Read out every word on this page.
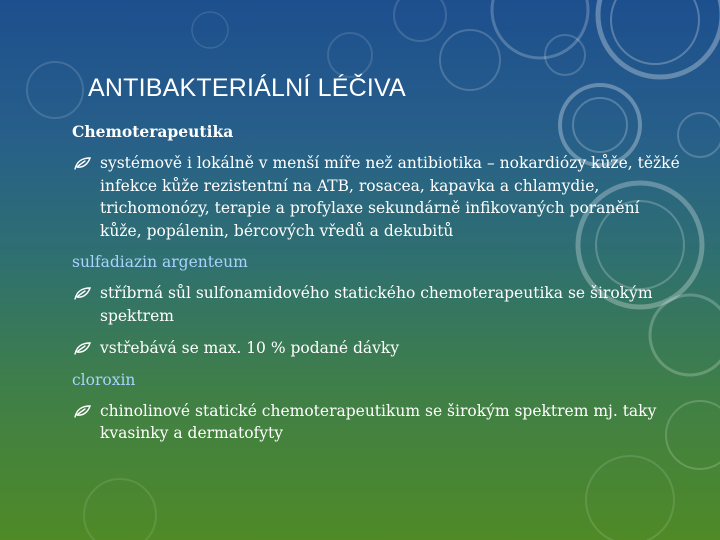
ANTIBAKTERIÁLNÍ LÉČIVA
Chemoterapeutika
systémově i lokálně v menší míře než antibiotika – nokardiózy kůže, těžké infekce kůže rezistentní na ATB, rosacea, kapavka a chlamydie, trichomonózy, terapie a profylaxe sekundárně infikovaných poranění kůže, popálenin, bércových vředů a dekubitů
sulfadiazin argenteum
stříbrná sůl sulfonamidového statického chemoterapeutika se širokým spektrem
vstřebává se max. 10 % podané dávky
cloroxin
chinolinové statické chemoterapeutikum se širokým spektrem mj. taky kvasinky a dermatofyty
